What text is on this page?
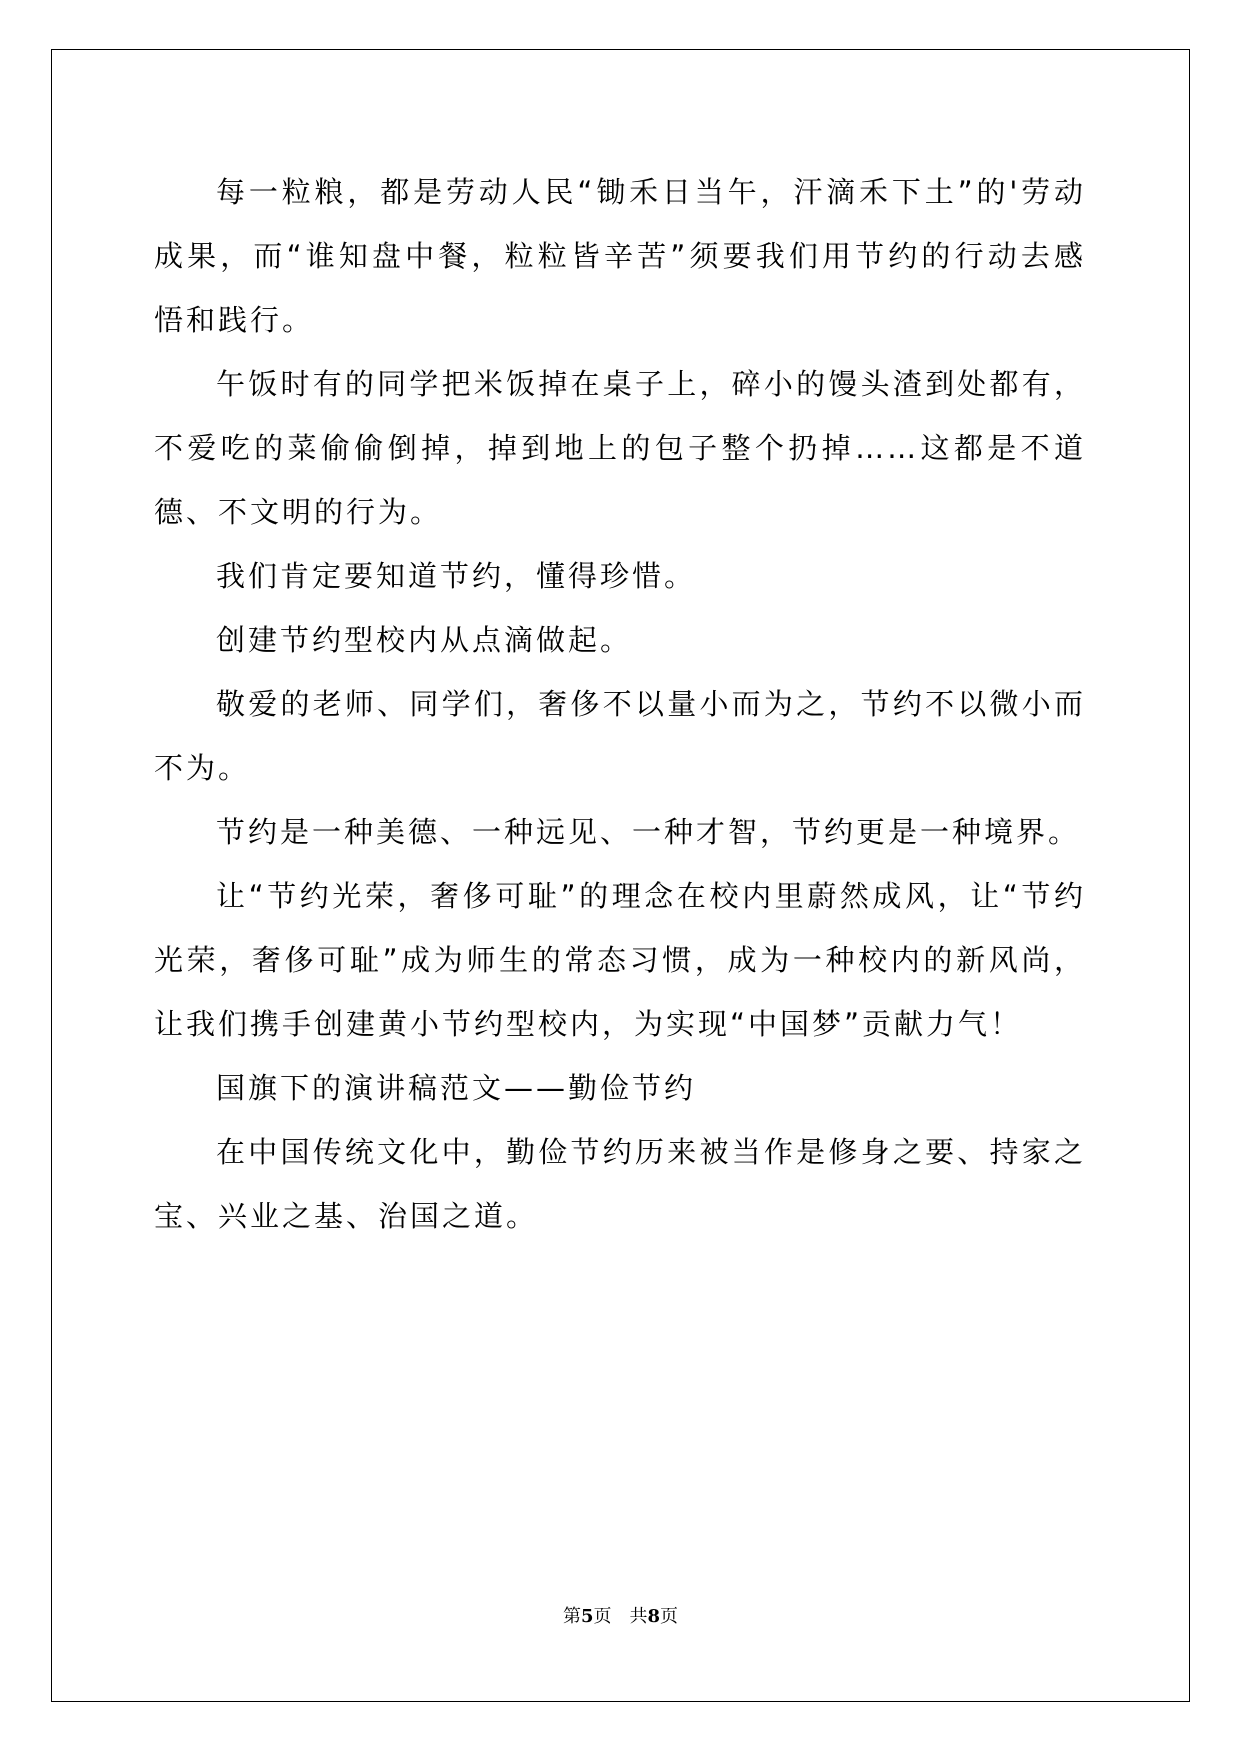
每一粒粮，都是劳动人民“锄禾日当午，汗滴禾下土”的'劳动成果，而“谁知盘中餐，粒粒皆辛苦”须要我们用节约的行动去感悟和践行。

午饭时有的同学把米饭掉在桌子上，碎小的馒头渣到处都有，不爱吃的菜偷偷倒掉，掉到地上的包子整个扔掉……这都是不道德、不文明的行为。

我们肯定要知道节约，懂得珍惜。

创建节约型校内从点滴做起。

敬爱的老师、同学们，奢侈不以量小而为之，节约不以微小而不为。

节约是一种美德、一种远见、一种才智，节约更是一种境界。

让“节约光荣，奢侈可耻”的理念在校内里蔚然成风，让“节约光荣，奢侈可耻”成为师生的常态习惯，成为一种校内的新风尚，让我们携手创建黄小节约型校内，为实现“中国梦”贡献力气！

国旗下的演讲稿范文——勤俭节约

在中国传统文化中，勤俭节约历来被当作是修身之要、持家之宝、兴业之基、治国之道。

第5页 共8页
